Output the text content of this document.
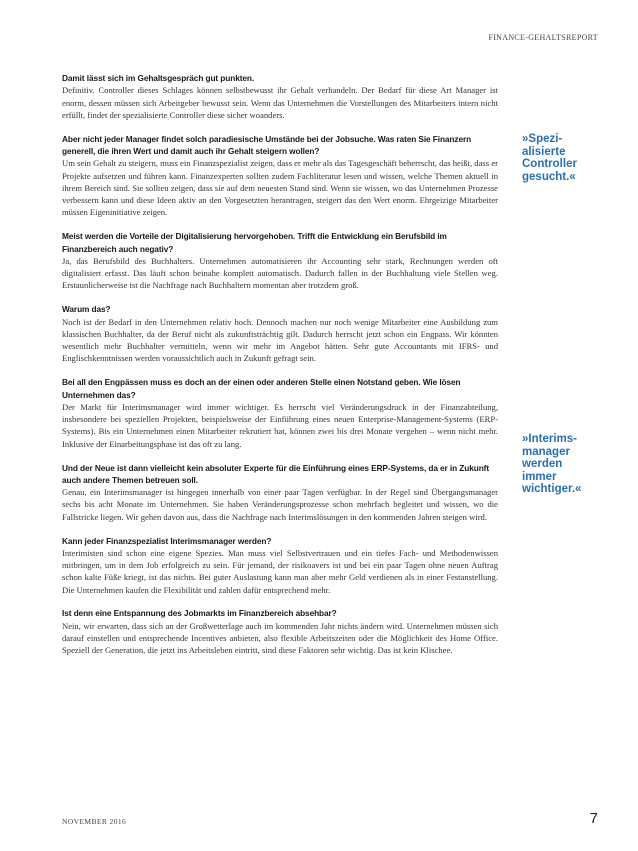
FINANCE-GEHALTSREPORT

Damit lässt sich im Gehaltsgespräch gut punkten.

Definitiv. Controller dieses Schlages können selbstbewusst ihr Gehalt verhandeln. Der Bedarf für diese Art Manager ist enorm, dessen müssen sich Arbeitgeber bewusst sein. Wenn das Unternehmen die Vorstellungen des Mitarbeiters intern nicht erfüllt, findet der spezialisierte Controller diese sicher woanders.

Aber nicht jeder Manager findet solch paradiesische Umstände bei der Jobsuche. Was raten Sie Finanzern generell, die ihren Wert und damit auch ihr Gehalt steigern wollen?

Um sein Gehalt zu steigern, muss ein Finanzspezialist zeigen, dass er mehr als das Tagesgeschäft beherrscht, das heißt, dass er Projekte aufsetzen und führen kann. Finanzexperten sollten zudem Fachliteratur lesen und wissen, welche Themen aktuell in ihrem Bereich sind. Sie sollten zeigen, dass sie auf dem neuesten Stand sind. Wenn sie wissen, wo das Unternehmen Prozesse verbessern kann und diese Ideen aktiv an den Vorgesetzten herantragen, steigert das den Wert enorm. Ehrgeizige Mitarbeiter müssen Eigeninitiative zeigen.

Meist werden die Vorteile der Digitalisierung hervorgehoben. Trifft die Entwicklung ein Berufsbild im Finanzbereich auch negativ?

Ja, das Berufsbild des Buchhalters. Unternehmen automatisieren ihr Accounting sehr stark, Rechnungen werden oft digitalisiert erfasst. Das läuft schon beinahe komplett automatisch. Dadurch fallen in der Buchhaltung viele Stellen weg. Erstaunlicherweise ist die Nachfrage nach Buchhaltern momentan aber trotzdem groß.

Warum das?

Noch ist der Bedarf in den Unternehmen relativ hoch. Dennoch machen nur noch wenige Mitarbeiter eine Ausbildung zum klassischen Buchhalter, da der Beruf nicht als zukunftsträchtig gilt. Dadurch herrscht jetzt schon ein Engpass. Wir könnten wesentlich mehr Buchhalter vermitteln, wenn wir mehr im Angebot hätten. Sehr gute Accountants mit IFRS- und Englischkenntnissen werden voraussichtlich auch in Zukunft gefragt sein.

Bei all den Engpässen muss es doch an der einen oder anderen Stelle einen Notstand geben. Wie lösen Unternehmen das?

Der Markt für Interimsmanager wird immer wichtiger. Es herrscht viel Veränderungsdruck in der Finanzabteilung, insbesondere bei speziellen Projekten, beispielsweise der Einführung eines neuen Enterprise-Management-Systems (ERP-Systems). Bis ein Unternehmen einen Mitarbeiter rekrutiert hat, können zwei bis drei Monate vergehen – wenn nicht mehr. Inklusive der Einarbeitungsphase ist das oft zu lang.

Und der Neue ist dann vielleicht kein absoluter Experte für die Einführung eines ERP-Systems, da er in Zukunft auch andere Themen betreuen soll.

Genau, ein Interimsmanager ist hingegen innerhalb von einer paar Tagen verfügbar. In der Regel sind Übergangsmanager sechs bis acht Monate im Unternehmen. Sie haben Veränderungsprozesse schon mehrfach begleitet und wissen, wo die Fallstricke liegen. Wir gehen davon aus, dass die Nachfrage nach Interimslösungen in den kommenden Jahren steigen wird.

Kann jeder Finanzspezialist Interimsmanager werden?

Interimisten sind schon eine eigene Spezies. Man muss viel Selbstvertrauen und ein tiefes Fach- und Methodenwissen mitbringen, um in dem Job erfolgreich zu sein. Für jemand, der risikoavers ist und bei ein paar Tagen ohne neuen Auftrag schon kalte Füße kriegt, ist das nichts. Bei guter Auslastung kann man aber mehr Geld verdienen als in einer Festanstellung. Die Unternehmen kaufen die Flexibilität und zahlen dafür entsprechend mehr.

Ist denn eine Entspannung des Jobmarkts im Finanzbereich absehbar?

Nein, wir erwarten, dass sich an der Großwetterlage auch im kommenden Jahr nichts ändern wird. Unternehmen müssen sich darauf einstellen und entsprechende Incentives anbieten, also flexible Arbeitszeiten oder die Möglichkeit des Home Office. Speziell der Generation, die jetzt ins Arbeitsleben eintritt, sind diese Faktoren sehr wichtig. Das ist kein Klischee.

»Spezi-
alisierte
Controller
gesucht.«
»Interims-
manager
werden
immer
wichtiger.«
NOVEMBER 2016	7
